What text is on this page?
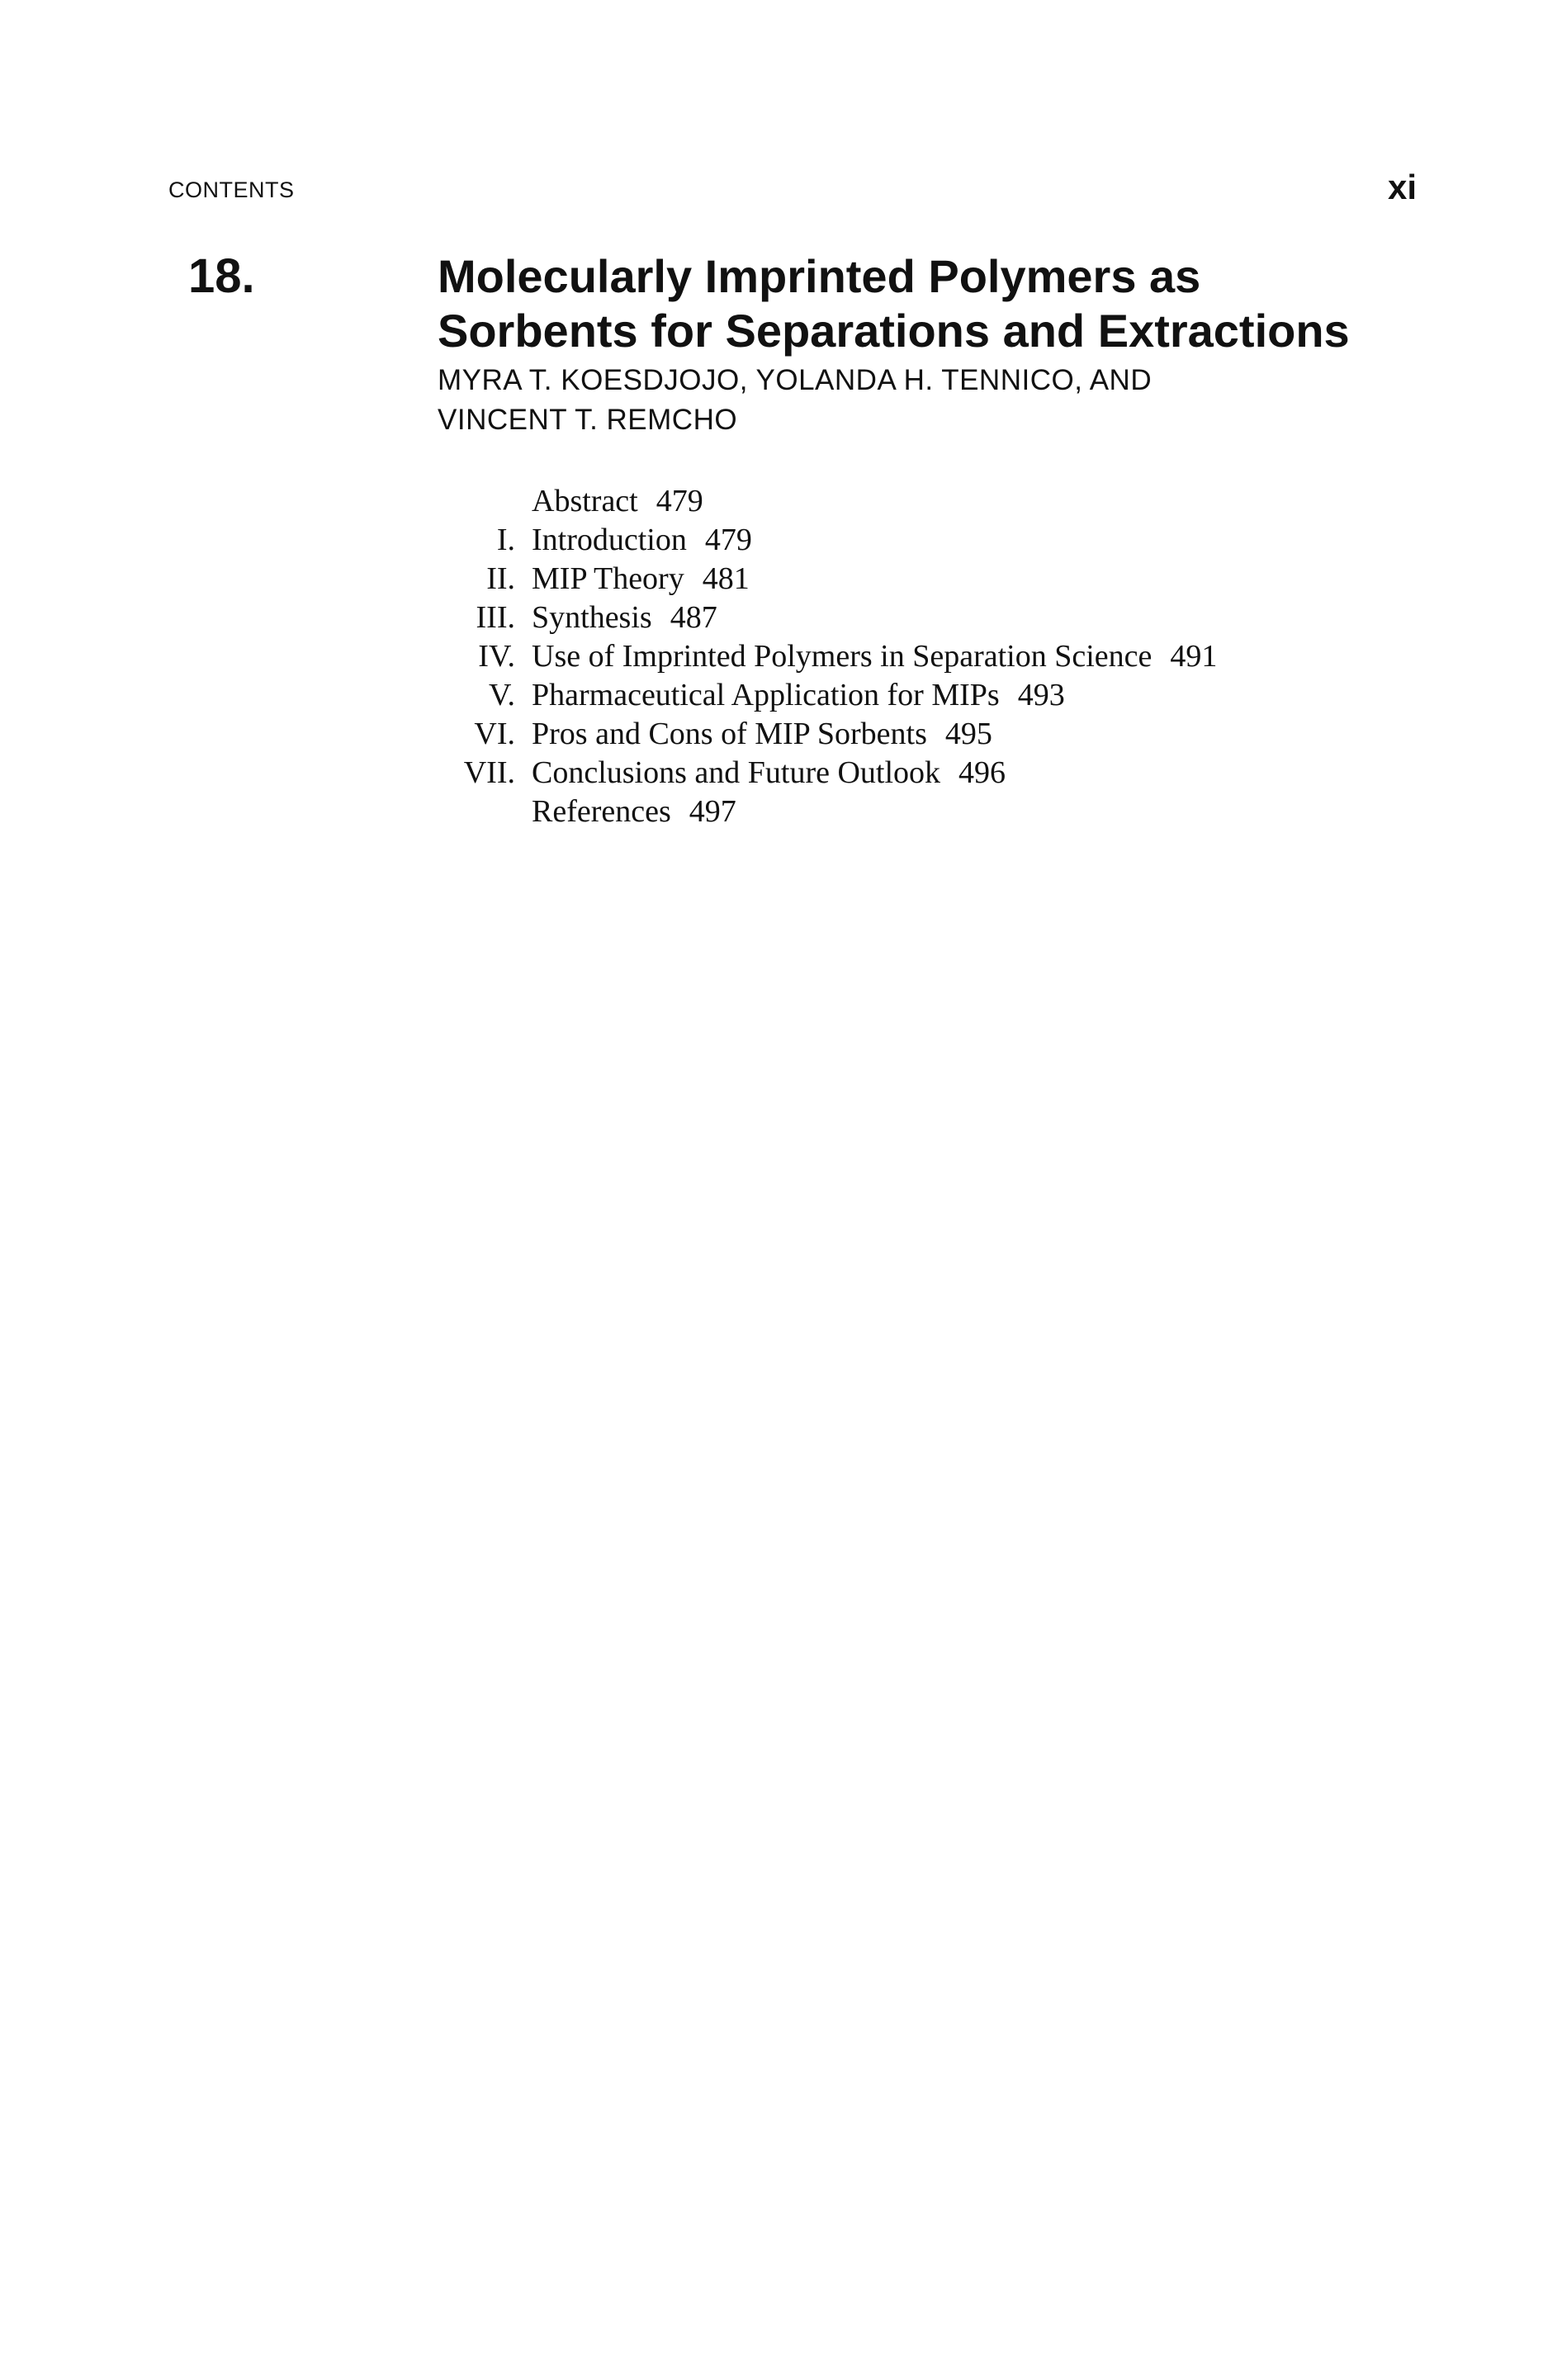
CONTENTS	xi
18.	Molecularly Imprinted Polymers as
Sorbents for Separations and Extractions
MYRA T. KOESDJOJO, YOLANDA H. TENNICO, AND
VINCENT T. REMCHO
Abstract 479
I. Introduction 479
II. MIP Theory 481
III. Synthesis 487
IV. Use of Imprinted Polymers in Separation Science 491
V. Pharmaceutical Application for MIPs 493
VI. Pros and Cons of MIP Sorbents 495
VII. Conclusions and Future Outlook 496
References 497
